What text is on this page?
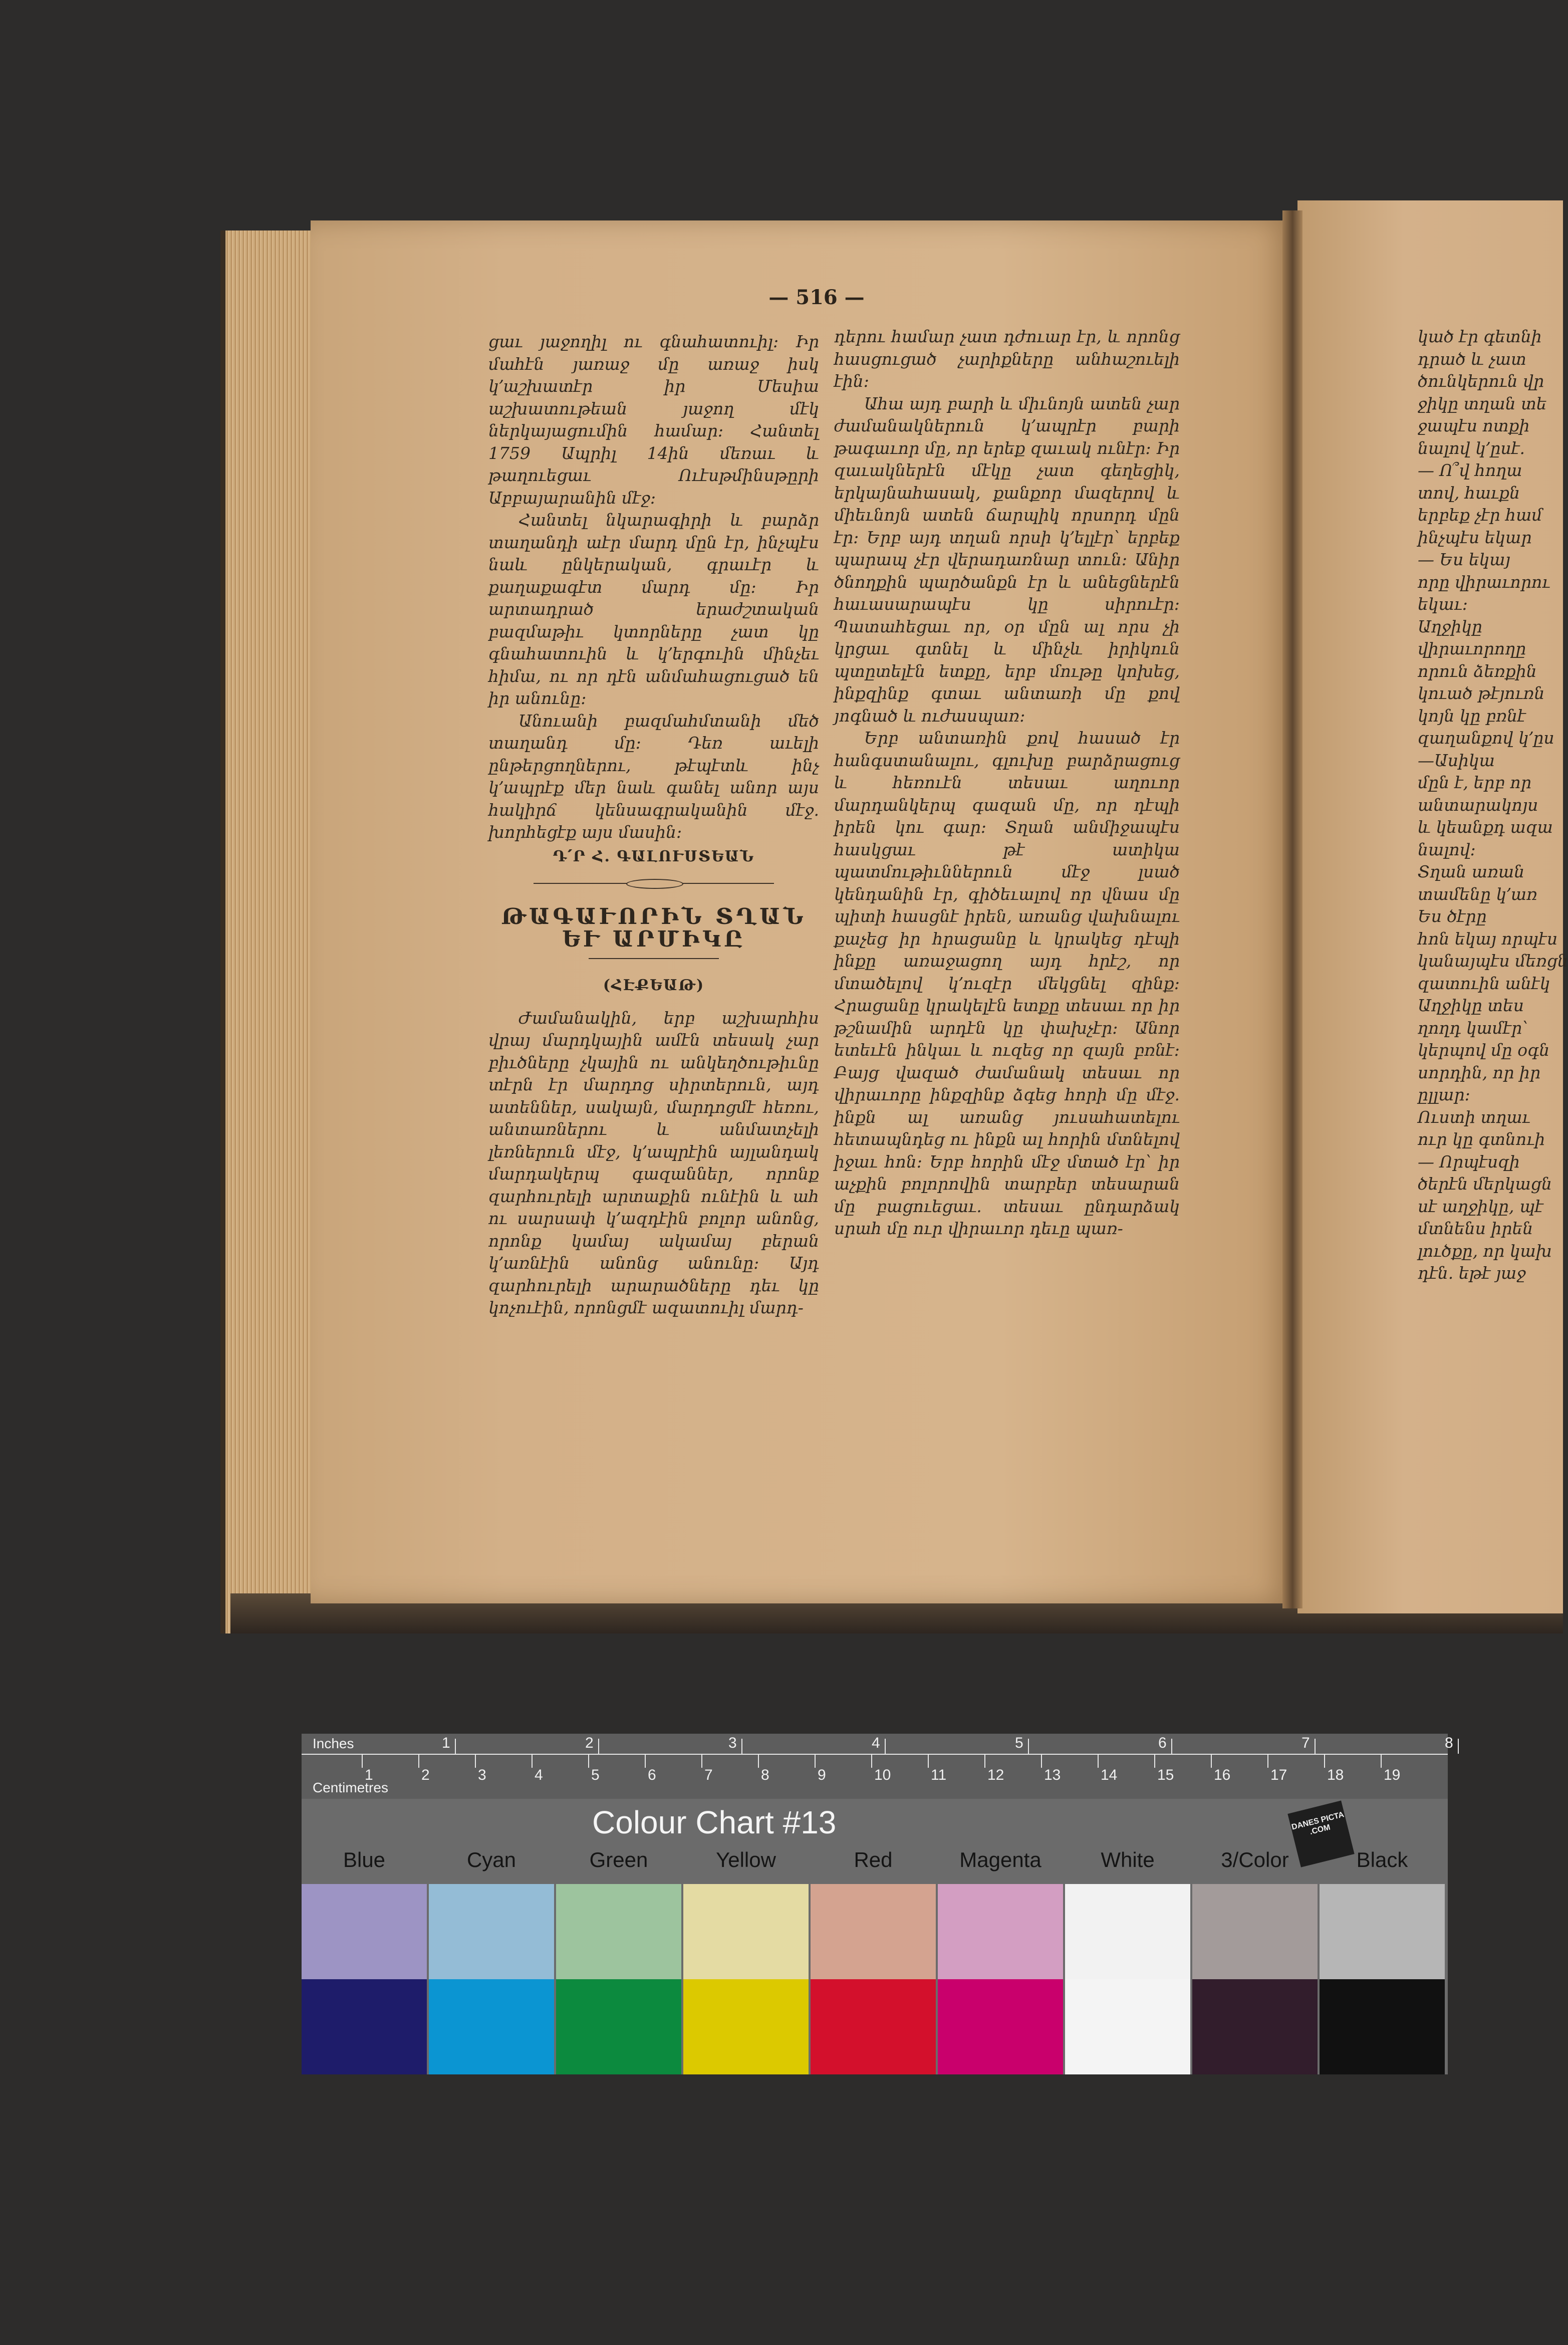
— 516 —

ցաւ յաջողիլ ու գնահատուիլ։ Իր մահէն յառաջ մը առաջ իսկ կ՚աշխատէր իր Մեսիա աշխատութեան յաջող մէկ ներկայացումին համար։ Հանտել 1759 Ապրիլ 14ին մեռաւ և թաղուեցաւ Ուէսթմինսթըրի Աբբայարանին մէջ։

Հանտել նկարագիրի և բարձր տաղանդի աէր մարդ մըն էր, ինչպէս նաև ընկերական, գրաւէր և քաղաքագէտ մարդ մը։ Իր արտադրած երաժշտական բազմաթիւ կտորները չատ կը գնահատուին և կ՚երգուին մինչեւ հիմա, ու որ դէն անմահացուցած են իր անունը։

Անուանի բազմահմտանի մեծ տաղանդ մը։ Դեռ աւելի ընթերցողներու, թէպէտև ինչ կ՚ապրէք մեր նաև գանել անոր այս հակիրճ կենսագրականին մէջ. խորհեցէք այս մասին։

Դ՛Ր Հ. ԳԱԼՈՒՍՏԵԱՆ

ԹԱԳԱՒՈՐԻՆ ՏՂԱՆ ԵՒ ԱՐՄԻԿԸ

(ՀԷՔԵԱԹ)

Ժամանակին, երբ աշխարհիս վրայ մարդկային ամէն տեսակ չար բիւծները չկային ու անկեղծութիւնը տէրն էր մարդոց սիրտերուն, այդ ատեններ, սակայն, մարդոցմէ հեռու, անտառներու և անմատչելի լեռներուն մէջ, կ՚ապրէին այլանդակ մարդակերպ գազաններ, որոնք զարհուրելի արտաքին ունէին և ահ ու սարսափ կ՚ազդէին բոլոր անոնց, որոնք կամայ ակամայ բերան կ՚առնէին անոնց անունը։ Այդ զարհուրելի արարածները դեւ կը կոչուէին, որոնցմէ ազատուիլ մարդ-

դերու համար չատ դժուար էր, և որոնց հասցուցած չարիքները անհաշուելի էին։

Ահա այդ բարի և միւնոյն ատեն չար ժամանակներուն կ՚ապրէր բարի թագաւոր մը, որ երեք զաւակ ունէր։ Իր զաւակներէն մէկը չատ գեղեցիկ, երկայնահասակ, քանքոր մազերով և միեւնոյն ատեն ճարպիկ որսորդ մըն էր։ Երբ այդ տղան որսի կ՚ելլէր՝ երբեք պարապ չէր վերադառնար տուն։ Անիր ծնողքին պարծանքն էր և անեցներէն հաւասարապէս կը սիրուէր։ Պատահեցաւ որ, օր մըն ալ որս չի կրցաւ գտնել և մինչև իրիկուն պտըտելէն ետքը, երբ մութը կոխեց, ինքզինք գտաւ անտառի մը քով յոգնած և ուժասպառ։

Երբ անտառին քով հասած էր հանգստանալու, գլուխը բարձրացուց և հեռուէն տեսաւ աղուոր մարդանկերպ գազան մը, որ դէպի իրեն կու գար։ Տղան անմիջապէս հասկցաւ թէ ատիկա պատմութիւններուն մէջ լսած կենդանին էր, գիծեւալով որ վնաս մը պիտի հասցնէ իրեն, առանց վախնալու քաչեց իր հրացանը և կրակեց դէպի ինքը առաջացող այդ հրէշ, որ մտածելով կ՚ուզէր մեկցնել զինք։ Հրացանը կրակելէն ետքը տեսաւ որ իր թշնամին արդէն կը փախչէր։ Անոր ետեւէն ինկաւ և ուզեց որ զայն բռնէ։ Բայց վազած ժամանակ տեսաւ որ վիրաւորը ինքզինք ձգեց հորի մը մէջ. ինքն ալ առանց յուսահատելու հետապնդեց ու ինքն ալ հորին մտնելով իջաւ հոն։ Երբ հորին մէջ մտած էր՝ իր աչքին բոլորովին տարբեր տեսարան մը բացուեցաւ. տեսաւ ընդարձակ սրահ մը ուր վիրաւոր դեւը պառ-

կած էր գետնի

դրած և չատ

ծունկերուն վր

ջիկը տղան տե

ջապէս ոտքի

նալով կ՚ըսէ.

— Ո՞վ հողա

տով, հաւքն

երբեք չէր համ

ինչպէս եկար

— Ես եկայ

որը վիրաւորու

եկաւ։

Աղջիկը

վիրաւորողը

որուն ձեռքին

կուած թէյուռն

կոյն կը բռնէ

զաղանքով կ՚ըս

—Ասիկա

մըն է, երբ որ

անտարակոյս

և կեանքդ ազա

նալով։

Տղան առան

տամենը կ՚առ

Ես ծէրը

հոն եկայ որպէս

կանայպէս մեռցն

զատուին անէկ

Աղջիկը տես

ղողդ կամէր՝

կերպով մը օգն

սորդին, որ իր

ըլլար։

Ուստի տղաւ

ուր կը գտնուի

— Որպէսզի

ծերէն մերկացն

սէ աղջիկը, պէ

մտնենս իրեն

լուծքը, որ կախ

դէն. եթէ յաջ

Inches
Centimetres
1	2	3	4	5	6	7	8
1	2	3	4	5	6	7	8	9	10	11	12	13	14	15	16	17	18	19
Colour Chart #13	DANES PICTA .COM
Blue	Cyan	Green	Yellow	Red	Magenta	White	3/Color	Black
